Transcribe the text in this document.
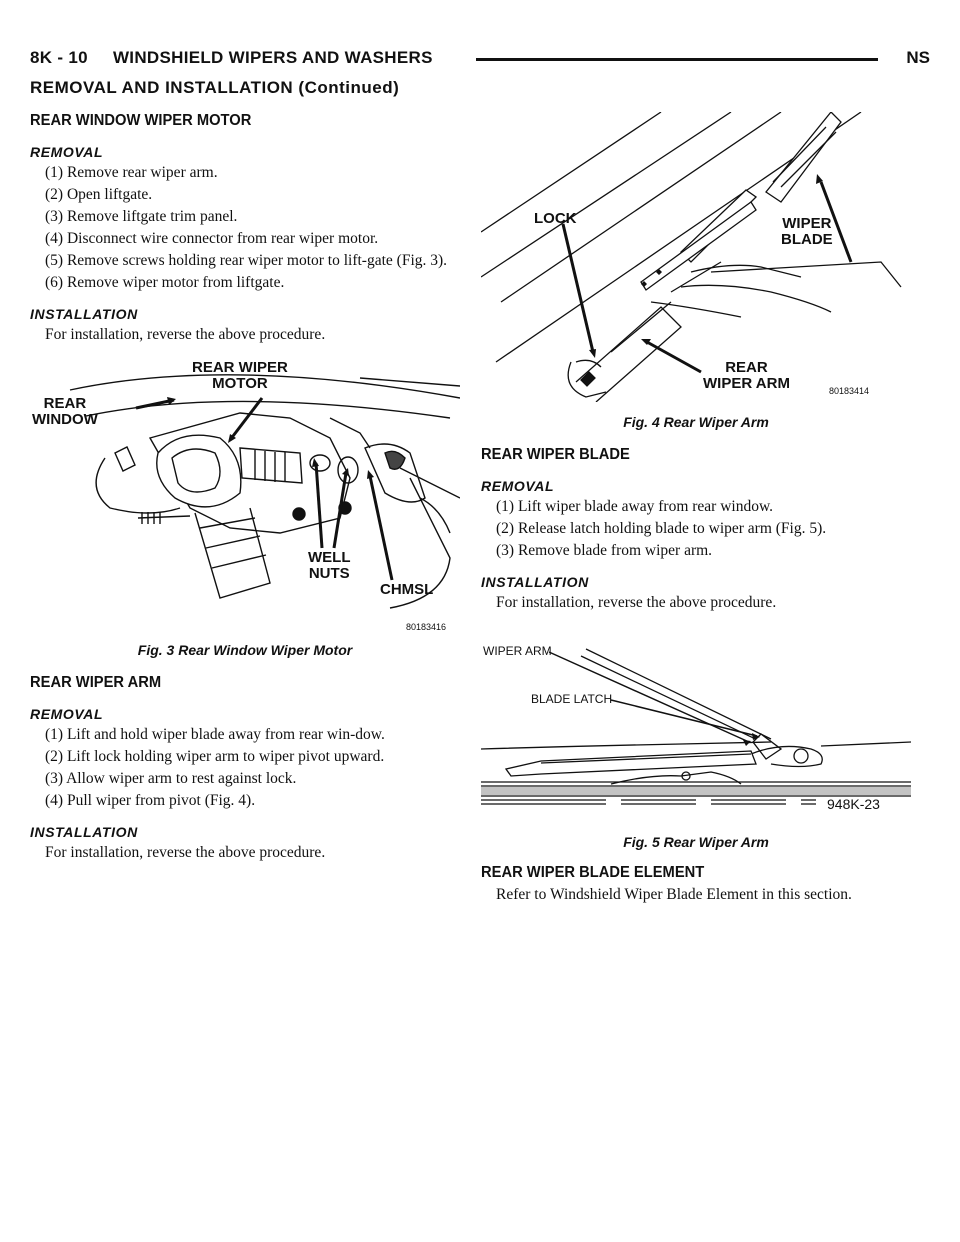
8K - 10     WINDSHIELD WIPERS AND WASHERS	NS
REMOVAL AND INSTALLATION (Continued)
REAR WINDOW WIPER MOTOR
REMOVAL

(1) Remove rear wiper arm.

(2) Open liftgate.

(3) Remove liftgate trim panel.

(4) Disconnect wire connector from rear wiper motor.

(5) Remove screws holding rear wiper motor to lift-gate (Fig. 3).

(6) Remove wiper motor from liftgate.

INSTALLATION

For installation, reverse the above procedure.

REAR
WINDOW
REAR WIPER
MOTOR
WELL
NUTS
CHMSL
80183416
Fig. 3 Rear Window Wiper Motor
REAR WIPER ARM
REMOVAL

(1) Lift and hold wiper blade away from rear win-dow.

(2) Lift lock holding wiper arm to wiper pivot upward.

(3) Allow wiper arm to rest against lock.

(4) Pull wiper from pivot (Fig. 4).

INSTALLATION

For installation, reverse the above procedure.

LOCK	WIPER
BLADE
REAR
WIPER ARM	80183414
Fig. 4 Rear Wiper Arm
REAR WIPER BLADE
REMOVAL

(1) Lift wiper blade away from rear window.

(2) Release latch holding blade to wiper arm (Fig. 5).

(3) Remove blade from wiper arm.

INSTALLATION

For installation, reverse the above procedure.

WIPER ARM
BLADE LATCH
948K-23
Fig. 5 Rear Wiper Arm
REAR WIPER BLADE ELEMENT

Refer to Windshield Wiper Blade Element in this section.
